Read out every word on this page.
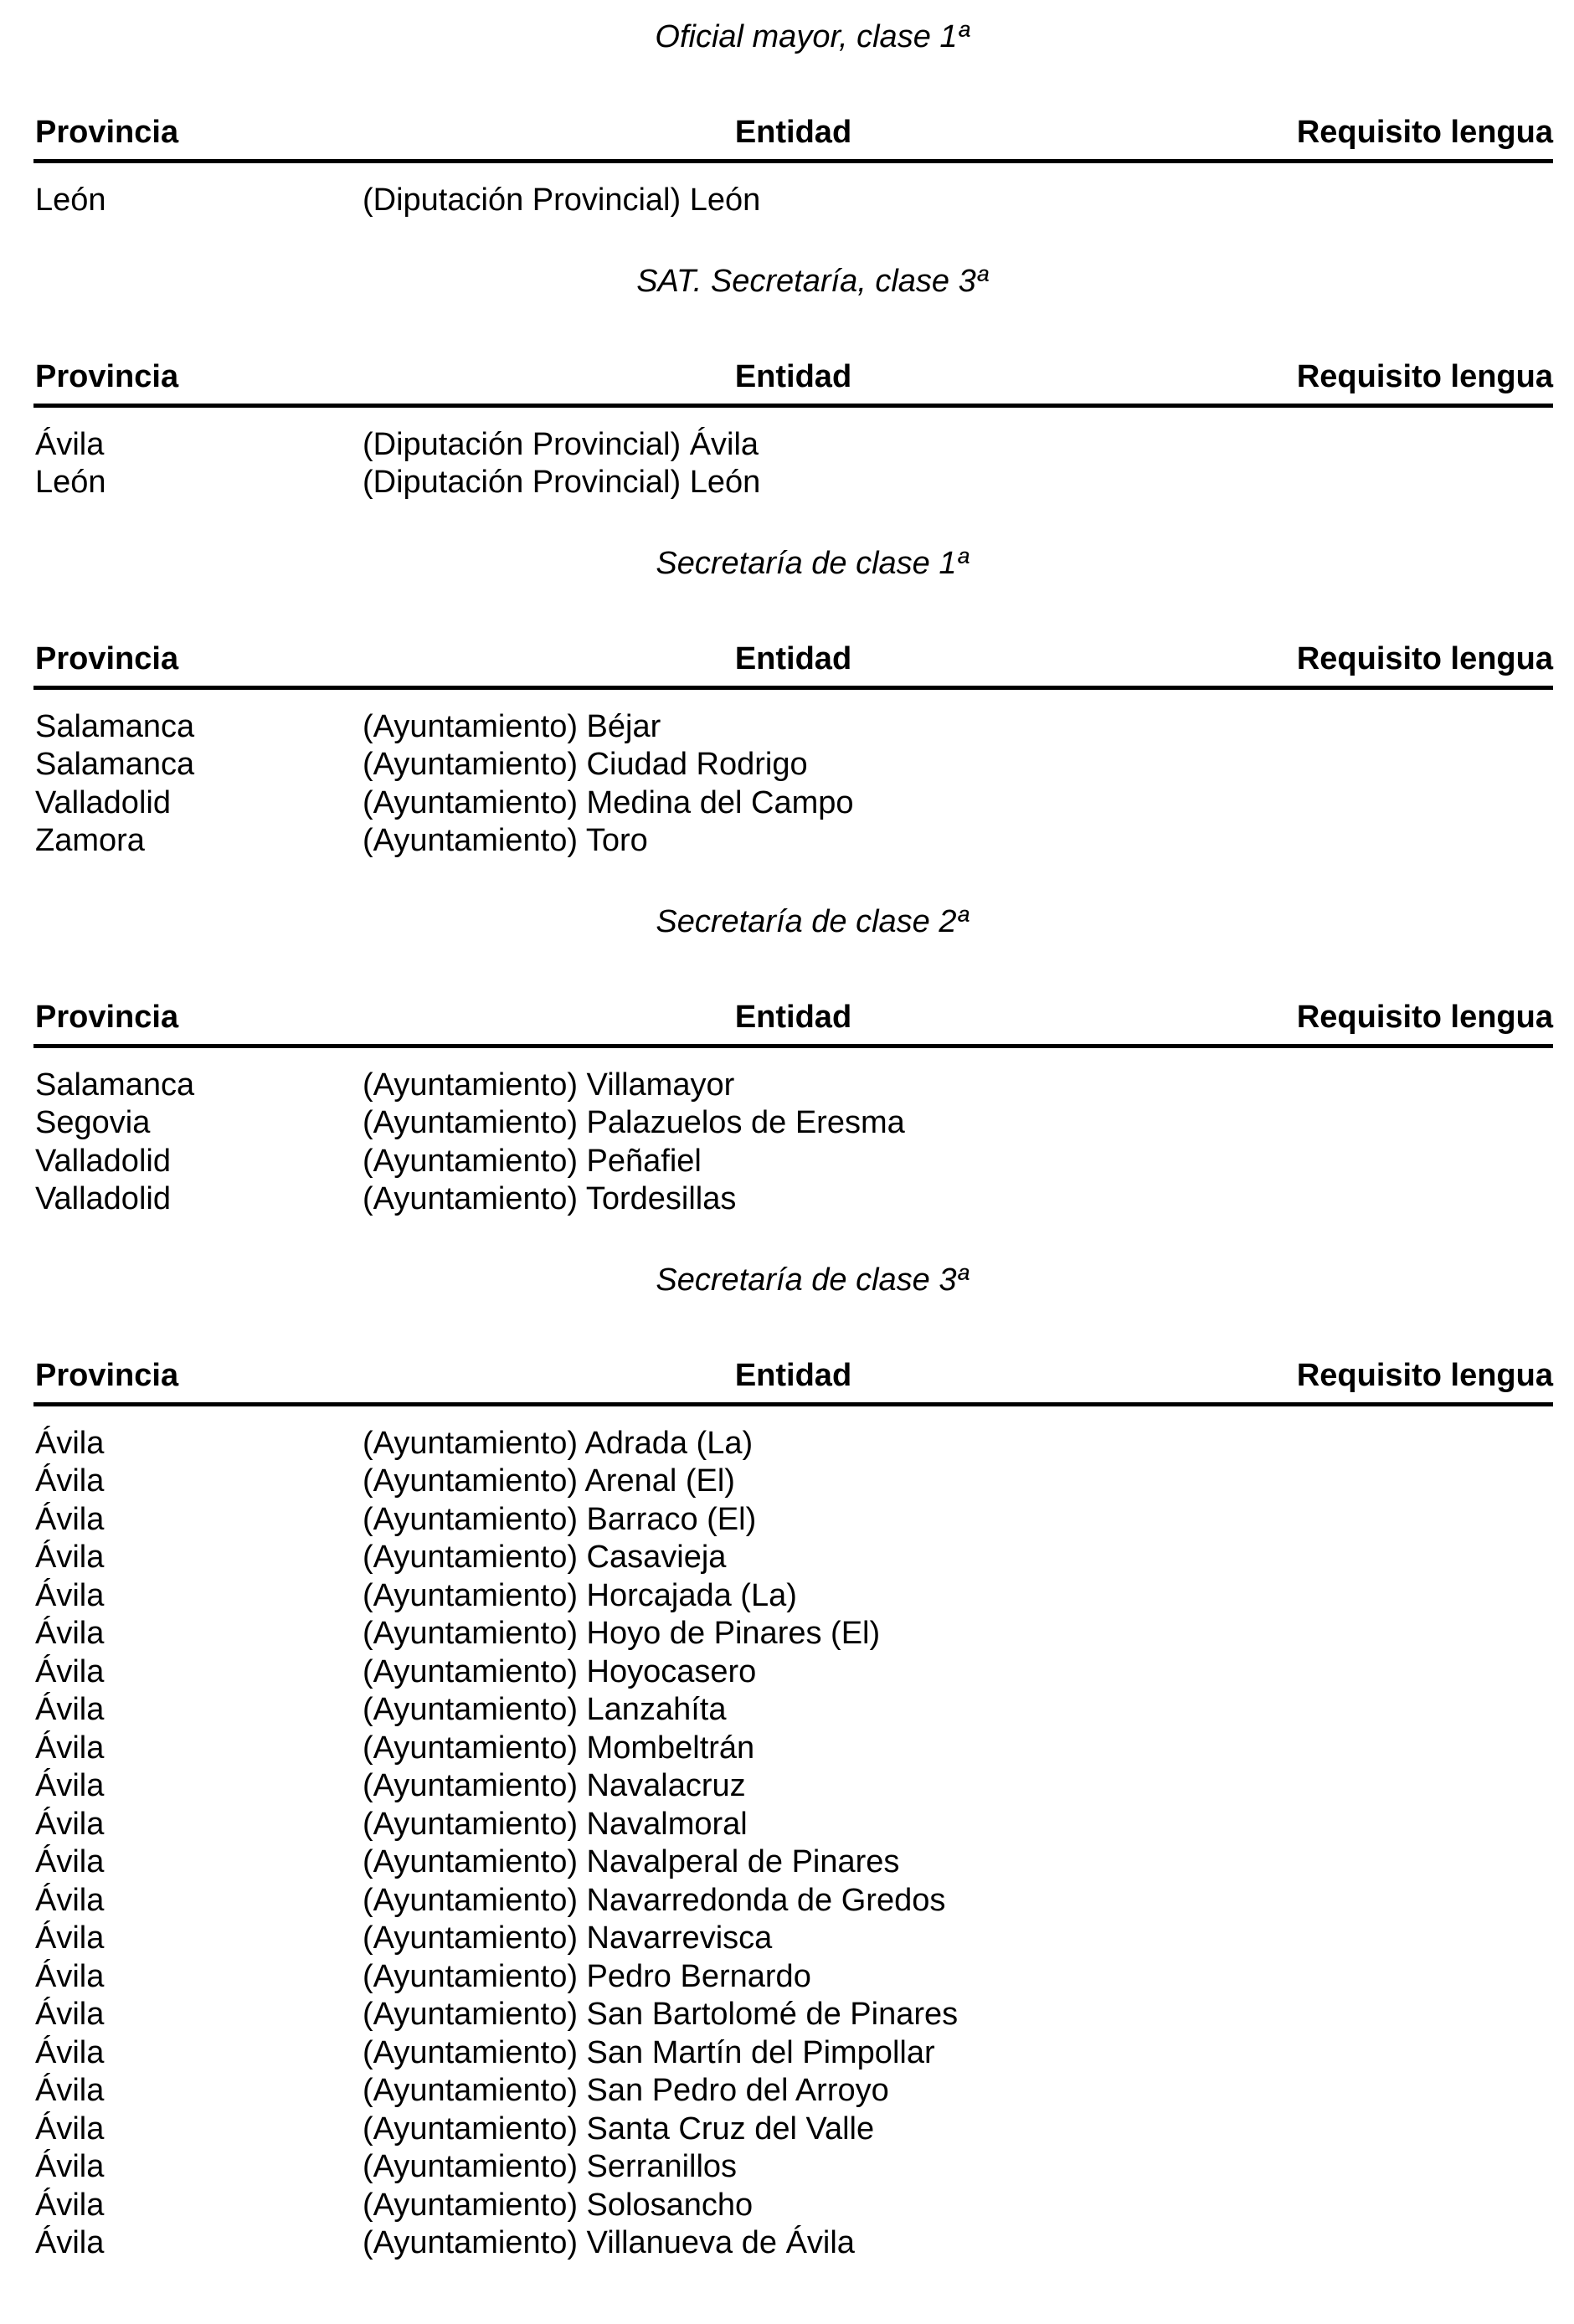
Oficial mayor, clase 1ª
Provincia	Entidad	Requisito lengua
León	(Diputación Provincial) León
SAT. Secretaría, clase 3ª
Provincia	Entidad	Requisito lengua
Ávila	(Diputación Provincial) Ávila
León	(Diputación Provincial) León
Secretaría de clase 1ª
Provincia	Entidad	Requisito lengua
Salamanca	(Ayuntamiento) Béjar
Salamanca	(Ayuntamiento) Ciudad Rodrigo
Valladolid	(Ayuntamiento) Medina del Campo
Zamora	(Ayuntamiento) Toro
Secretaría de clase 2ª
Provincia	Entidad	Requisito lengua
Salamanca	(Ayuntamiento) Villamayor
Segovia	(Ayuntamiento) Palazuelos de Eresma
Valladolid	(Ayuntamiento) Peñafiel
Valladolid	(Ayuntamiento) Tordesillas
Secretaría de clase 3ª
Provincia	Entidad	Requisito lengua
Ávila	(Ayuntamiento) Adrada (La)
Ávila	(Ayuntamiento) Arenal (El)
Ávila	(Ayuntamiento) Barraco (El)
Ávila	(Ayuntamiento) Casavieja
Ávila	(Ayuntamiento) Horcajada (La)
Ávila	(Ayuntamiento) Hoyo de Pinares (El)
Ávila	(Ayuntamiento) Hoyocasero
Ávila	(Ayuntamiento) Lanzahíta
Ávila	(Ayuntamiento) Mombeltrán
Ávila	(Ayuntamiento) Navalacruz
Ávila	(Ayuntamiento) Navalmoral
Ávila	(Ayuntamiento) Navalperal de Pinares
Ávila	(Ayuntamiento) Navarredonda de Gredos
Ávila	(Ayuntamiento) Navarrevisca
Ávila	(Ayuntamiento) Pedro Bernardo
Ávila	(Ayuntamiento) San Bartolomé de Pinares
Ávila	(Ayuntamiento) San Martín del Pimpollar
Ávila	(Ayuntamiento) San Pedro del Arroyo
Ávila	(Ayuntamiento) Santa Cruz del Valle
Ávila	(Ayuntamiento) Serranillos
Ávila	(Ayuntamiento) Solosancho
Ávila	(Ayuntamiento) Villanueva de Ávila
